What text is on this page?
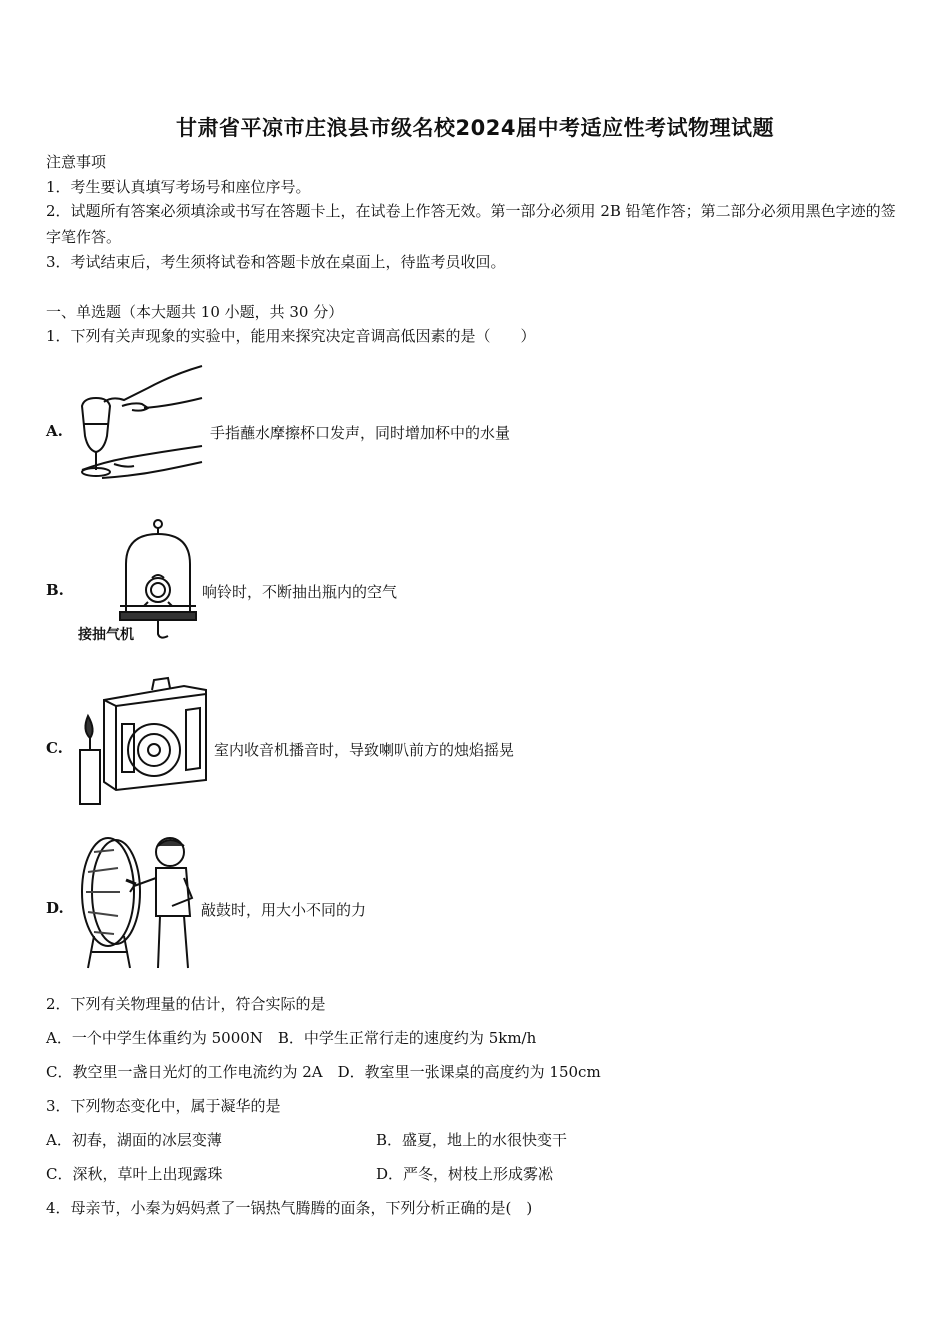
甘肃省平凉市庄浪县市级名校2024届中考适应性考试物理试题
注意事项
1．考生要认真填写考场号和座位序号。
2．试题所有答案必须填涂或书写在答题卡上，在试卷上作答无效。第一部分必须用 2B 铅笔作答；第二部分必须用黑色字迹的签字笔作答。
3．考试结束后，考生须将试卷和答题卡放在桌面上，待监考员收回。
一、单选题（本大题共 10 小题，共 30 分）
1．下列有关声现象的实验中，能用来探究决定音调高低因素的是（　　）
A.	手指蘸水摩擦杯口发声，同时增加杯中的水量
B.
接抽气机
响铃时，不断抽出瓶内的空气
C.	室内收音机播音时，导致喇叭前方的烛焰摇晃
D.	敲鼓时，用大小不同的力
2．下列有关物理量的估计，符合实际的是
A．一个中学生体重约为 5000N　B．中学生正常行走的速度约为 5km/h
C．教空里一盏日光灯的工作电流约为 2A　D．教室里一张课桌的高度约为 150cm
3．下列物态变化中，属于凝华的是
A．初春，湖面的冰层变薄	B．盛夏，地上的水很快变干
C．深秋，草叶上出现露珠	D．严冬，树枝上形成雾凇
4．母亲节，小秦为妈妈煮了一锅热气腾腾的面条，下列分析正确的是(　)
